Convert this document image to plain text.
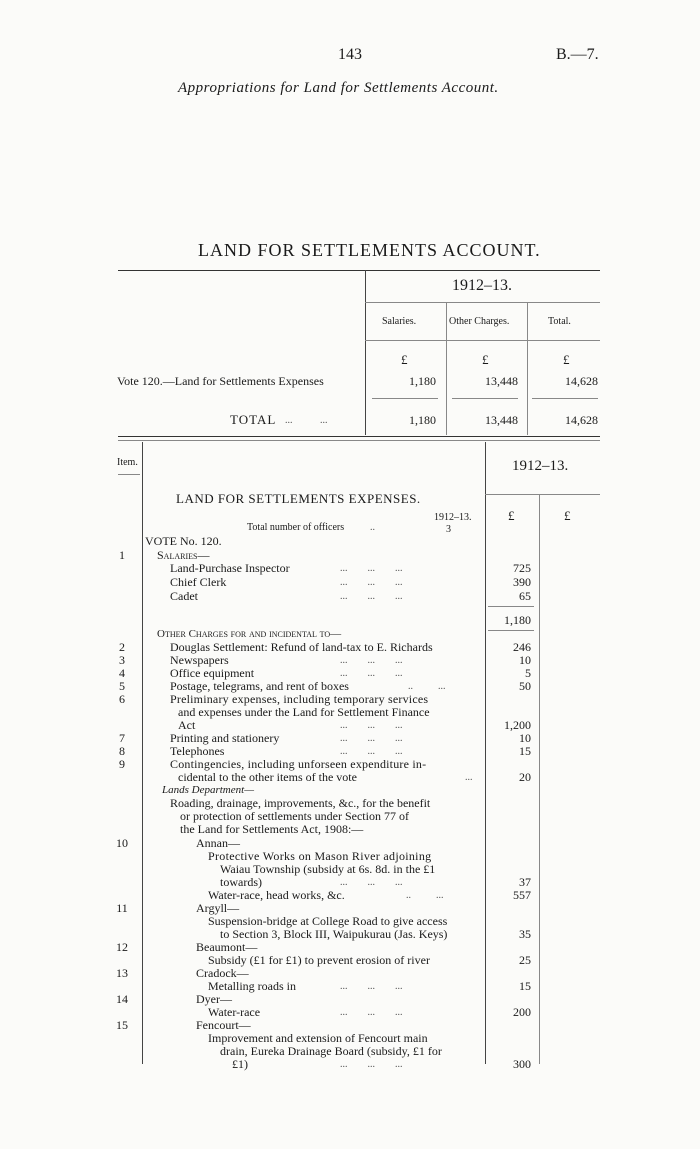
143	B.—7.
Appropriations for Land for Settlements Account.
LAND FOR SETTLEMENTS ACCOUNT.
1912–13.
Salaries.	Other Charges.	Total.
£	£	£
Vote 120.—Land for Settlements Expenses	1,180	13,448	14,628
TOTAL ...           ...	1,180	13,448	14,628
Item.	1912–13.
£	£
LAND FOR SETTLEMENTS EXPENSES.
1912–13.
Total number of officers	..	3
VOTE No. 120.
1	Salaries—
Land-Purchase Inspector	...        ...        ...	725
Chief Clerk	...        ...        ...	390
Cadet	...        ...        ...	65
1,180
Other Charges for and incidental to—
2	Douglas Settlement: Refund of land-tax to E. Richards	246
3	Newspapers	...        ...        ...	10
4	Office equipment	...        ...        ...	5
5	Postage, telegrams, and rent of boxes	..          ...	50
6	Preliminary expenses, including temporary services
and expenses under the Land for Settlement Finance
Act	...        ...        ...	1,200
7	Printing and stationery	...        ...        ...	10
8	Telephones	...        ...        ...	15
9	Contingencies, including unforseen expenditure in-
cidental to the other items of the vote	...	20
Lands Department—
Roading, drainage, improvements, &c., for the benefit
or protection of settlements under Section 77 of
the Land for Settlements Act, 1908:—
10	Annan—
Protective Works on Mason River adjoining
Waiau Township (subsidy at 6s. 8d. in the £1
towards)	...        ...        ...	37
Water-race, head works, &c.	..          ...	557
11	Argyll—
Suspension-bridge at College Road to give access
to Section 3, Block III, Waipukurau (Jas. Keys)	35
12	Beaumont—
Subsidy (£1 for £1) to prevent erosion of river	25
13	Cradock—
Metalling roads in	...        ...        ...	15
14	Dyer—
Water-race	...        ...        ...	200
15	Fencourt—
Improvement and extension of Fencourt main
drain, Eureka Drainage Board (subsidy, £1 for
£1)	...        ...        ...	300
